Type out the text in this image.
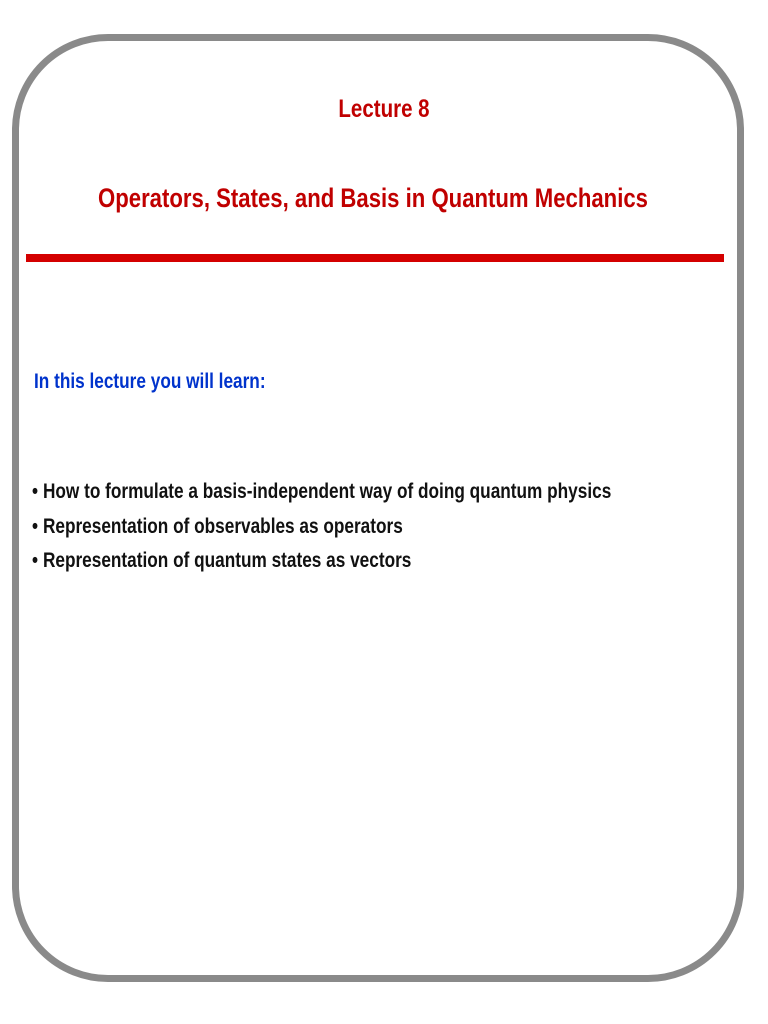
Lecture 8
Operators, States, and Basis in Quantum Mechanics
In this lecture you will learn:
• How to formulate a basis-independent way of doing quantum physics
• Representation of observables as operators
• Representation of quantum states as vectors
